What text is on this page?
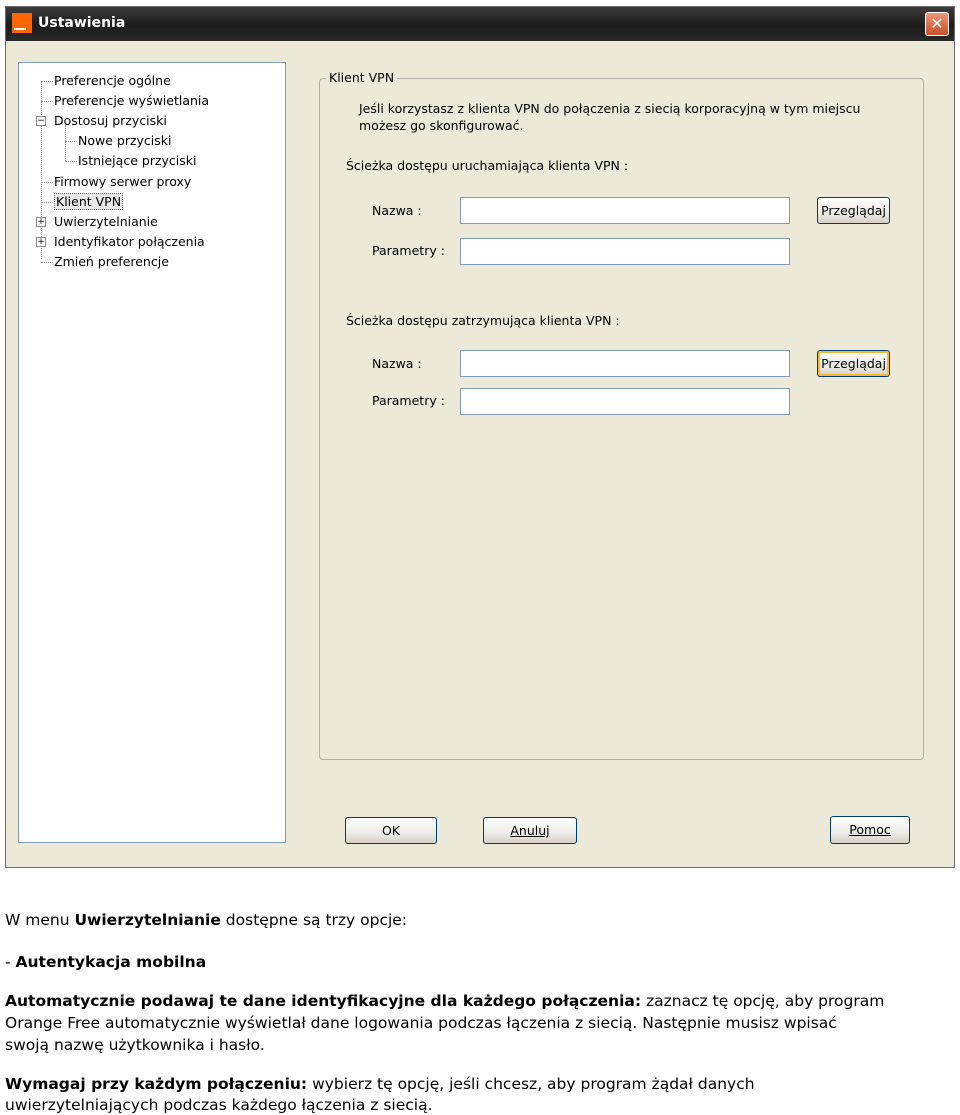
Ustawienia	✕
−
+
+
Preferencje ogólne
Preferencje wyświetlania
Dostosuj przyciski
Nowe przyciski
Istniejące przyciski
Firmowy serwer proxy
Klient VPN
Uwierzytelnianie
Identyfikator połączenia
Zmień preferencje
Klient VPN
Jeśli korzystasz z klienta VPN do połączenia z siecią korporacyjną w tym miejscu
możesz go skonfigurować.
Ścieżka dostępu uruchamiająca klienta VPN :
Nazwa :	Przeglądaj
Parametry :
Ścieżka dostępu zatrzymująca klienta VPN :
Nazwa :	Przeglądaj
Parametry :
OK	Anuluj	Pomoc
W menu Uwierzytelnianie dostępne są trzy opcje:
- Autentykacja mobilna
Automatycznie podawaj te dane identyfikacyjne dla każdego połączenia: zaznacz tę opcję, aby program
Orange Free automatycznie wyświetlał dane logowania podczas łączenia z siecią. Następnie musisz wpisać
swoją nazwę użytkownika i hasło.
Wymagaj przy każdym połączeniu: wybierz tę opcję, jeśli chcesz, aby program żądał danych
uwierzytelniających podczas każdego łączenia z siecią.
